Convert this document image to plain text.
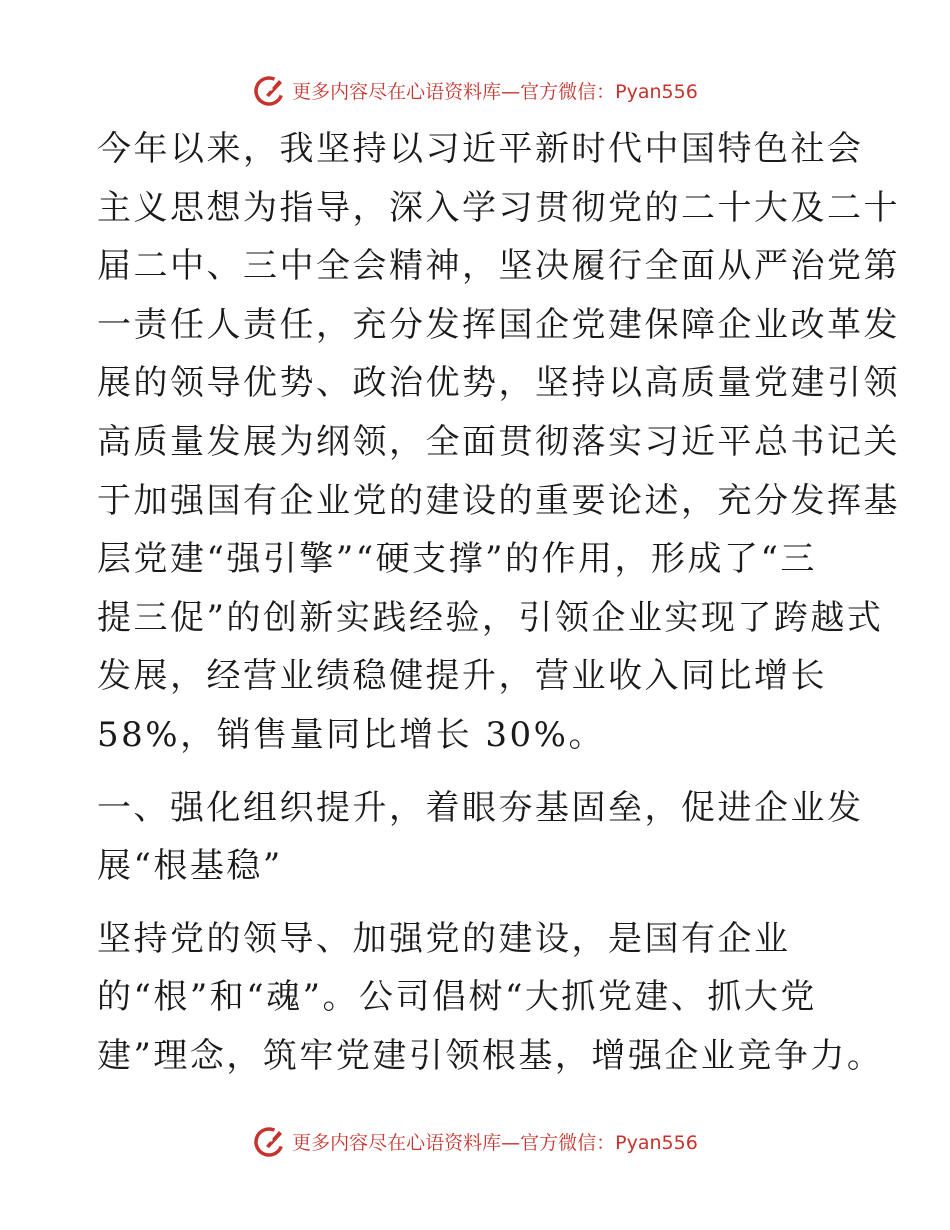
更多内容尽在心语资料库—官方微信：Pyan556
今年以来，我坚持以习近平新时代中国特色社会
主义思想为指导，深入学习贯彻党的二十大及二十
届二中、三中全会精神，坚决履行全面从严治党第
一责任人责任，充分发挥国企党建保障企业改革发
展的领导优势、政治优势，坚持以高质量党建引领
高质量发展为纲领，全面贯彻落实习近平总书记关
于加强国有企业党的建设的重要论述，充分发挥基
层党建“强引擎”“硬支撑”的作用，形成了“三
提三促”的创新实践经验，引领企业实现了跨越式
发展，经营业绩稳健提升，营业收入同比增长
58%，销售量同比增长 30%。
一、强化组织提升，着眼夯基固垒，促进企业发
展“根基稳”
坚持党的领导、加强党的建设，是国有企业
的“根”和“魂”。公司倡树“大抓党建、抓大党
建”理念，筑牢党建引领根基，增强企业竞争力。
更多内容尽在心语资料库—官方微信：Pyan556
